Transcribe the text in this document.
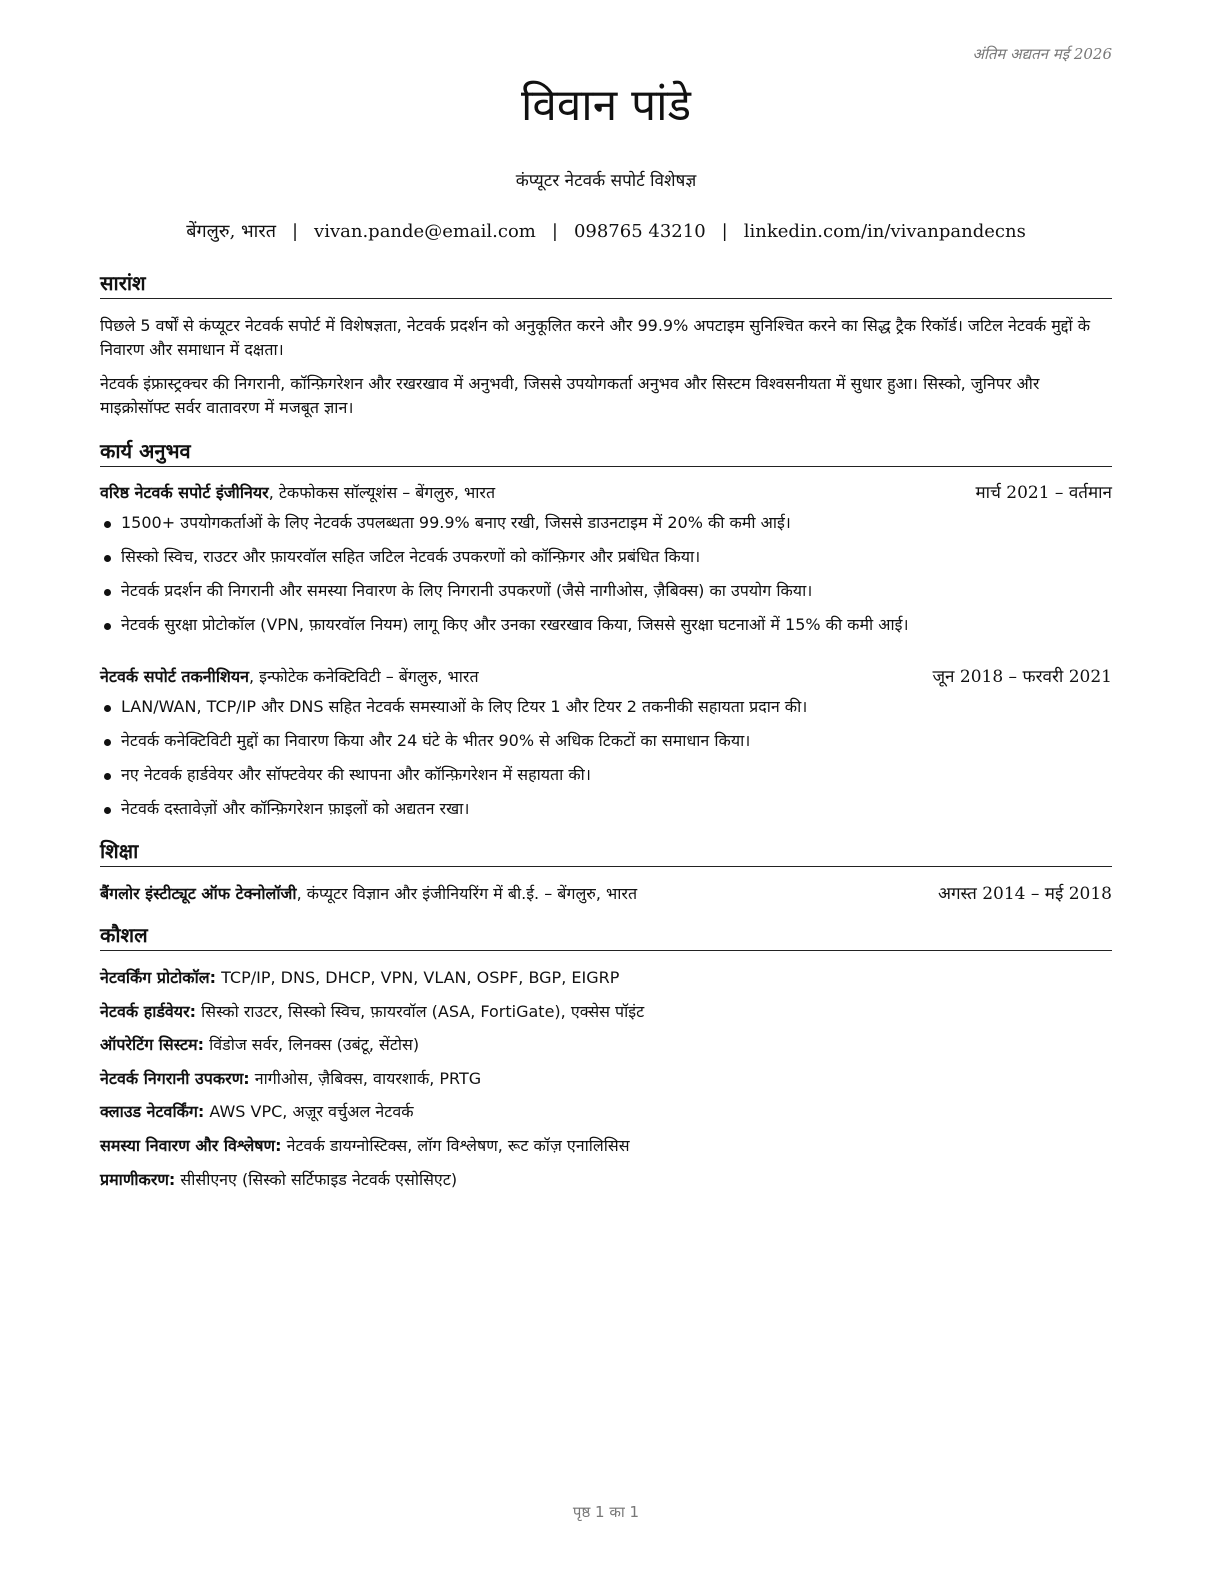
अंतिम अद्यतन मई 2026
विवान पांडे
कंप्यूटर नेटवर्क सपोर्ट विशेषज्ञ
बेंगलुरु, भारत | vivan.pande@email.com | 098765 43210 | linkedin.com/in/vivanpandecns
सारांश
पिछले 5 वर्षों से कंप्यूटर नेटवर्क सपोर्ट में विशेषज्ञता, नेटवर्क प्रदर्शन को अनुकूलित करने और 99.9% अपटाइम सुनिश्चित करने का सिद्ध ट्रैक रिकॉर्ड। जटिल नेटवर्क मुद्दों के निवारण और समाधान में दक्षता।
नेटवर्क इंफ्रास्ट्रक्चर की निगरानी, कॉन्फ़िगरेशन और रखरखाव में अनुभवी, जिससे उपयोगकर्ता अनुभव और सिस्टम विश्वसनीयता में सुधार हुआ। सिस्को, जुनिपर और माइक्रोसॉफ्ट सर्वर वातावरण में मजबूत ज्ञान।
कार्य अनुभव
वरिष्ठ नेटवर्क सपोर्ट इंजीनियर, टेकफोकस सॉल्यूशंस – बेंगलुरु, भारत	मार्च 2021 – वर्तमान
1500+ उपयोगकर्ताओं के लिए नेटवर्क उपलब्धता 99.9% बनाए रखी, जिससे डाउनटाइम में 20% की कमी आई।
सिस्को स्विच, राउटर और फ़ायरवॉल सहित जटिल नेटवर्क उपकरणों को कॉन्फ़िगर और प्रबंधित किया।
नेटवर्क प्रदर्शन की निगरानी और समस्या निवारण के लिए निगरानी उपकरणों (जैसे नागीओस, ज़ैबिक्स) का उपयोग किया।
नेटवर्क सुरक्षा प्रोटोकॉल (VPN, फ़ायरवॉल नियम) लागू किए और उनका रखरखाव किया, जिससे सुरक्षा घटनाओं में 15% की कमी आई।
नेटवर्क सपोर्ट तकनीशियन, इन्फोटेक कनेक्टिविटी – बेंगलुरु, भारत	जून 2018 – फरवरी 2021
LAN/WAN, TCP/IP और DNS सहित नेटवर्क समस्याओं के लिए टियर 1 और टियर 2 तकनीकी सहायता प्रदान की।
नेटवर्क कनेक्टिविटी मुद्दों का निवारण किया और 24 घंटे के भीतर 90% से अधिक टिकटों का समाधान किया।
नए नेटवर्क हार्डवेयर और सॉफ्टवेयर की स्थापना और कॉन्फ़िगरेशन में सहायता की।
नेटवर्क दस्तावेज़ों और कॉन्फ़िगरेशन फ़ाइलों को अद्यतन रखा।
शिक्षा
बैंगलोर इंस्टीट्यूट ऑफ टेक्नोलॉजी, कंप्यूटर विज्ञान और इंजीनियरिंग में बी.ई. – बेंगलुरु, भारत	अगस्त 2014 – मई 2018
कौशल
नेटवर्किंग प्रोटोकॉल: TCP/IP, DNS, DHCP, VPN, VLAN, OSPF, BGP, EIGRP
नेटवर्क हार्डवेयर: सिस्को राउटर, सिस्को स्विच, फ़ायरवॉल (ASA, FortiGate), एक्सेस पॉइंट
ऑपरेटिंग सिस्टम: विंडोज सर्वर, लिनक्स (उबंटू, सेंटोस)
नेटवर्क निगरानी उपकरण: नागीओस, ज़ैबिक्स, वायरशार्क, PRTG
क्लाउड नेटवर्किंग: AWS VPC, अज़ूर वर्चुअल नेटवर्क
समस्या निवारण और विश्लेषण: नेटवर्क डायग्नोस्टिक्स, लॉग विश्लेषण, रूट कॉज़ एनालिसिस
प्रमाणीकरण: सीसीएनए (सिस्को सर्टिफाइड नेटवर्क एसोसिएट)
पृष्ठ 1 का 1
